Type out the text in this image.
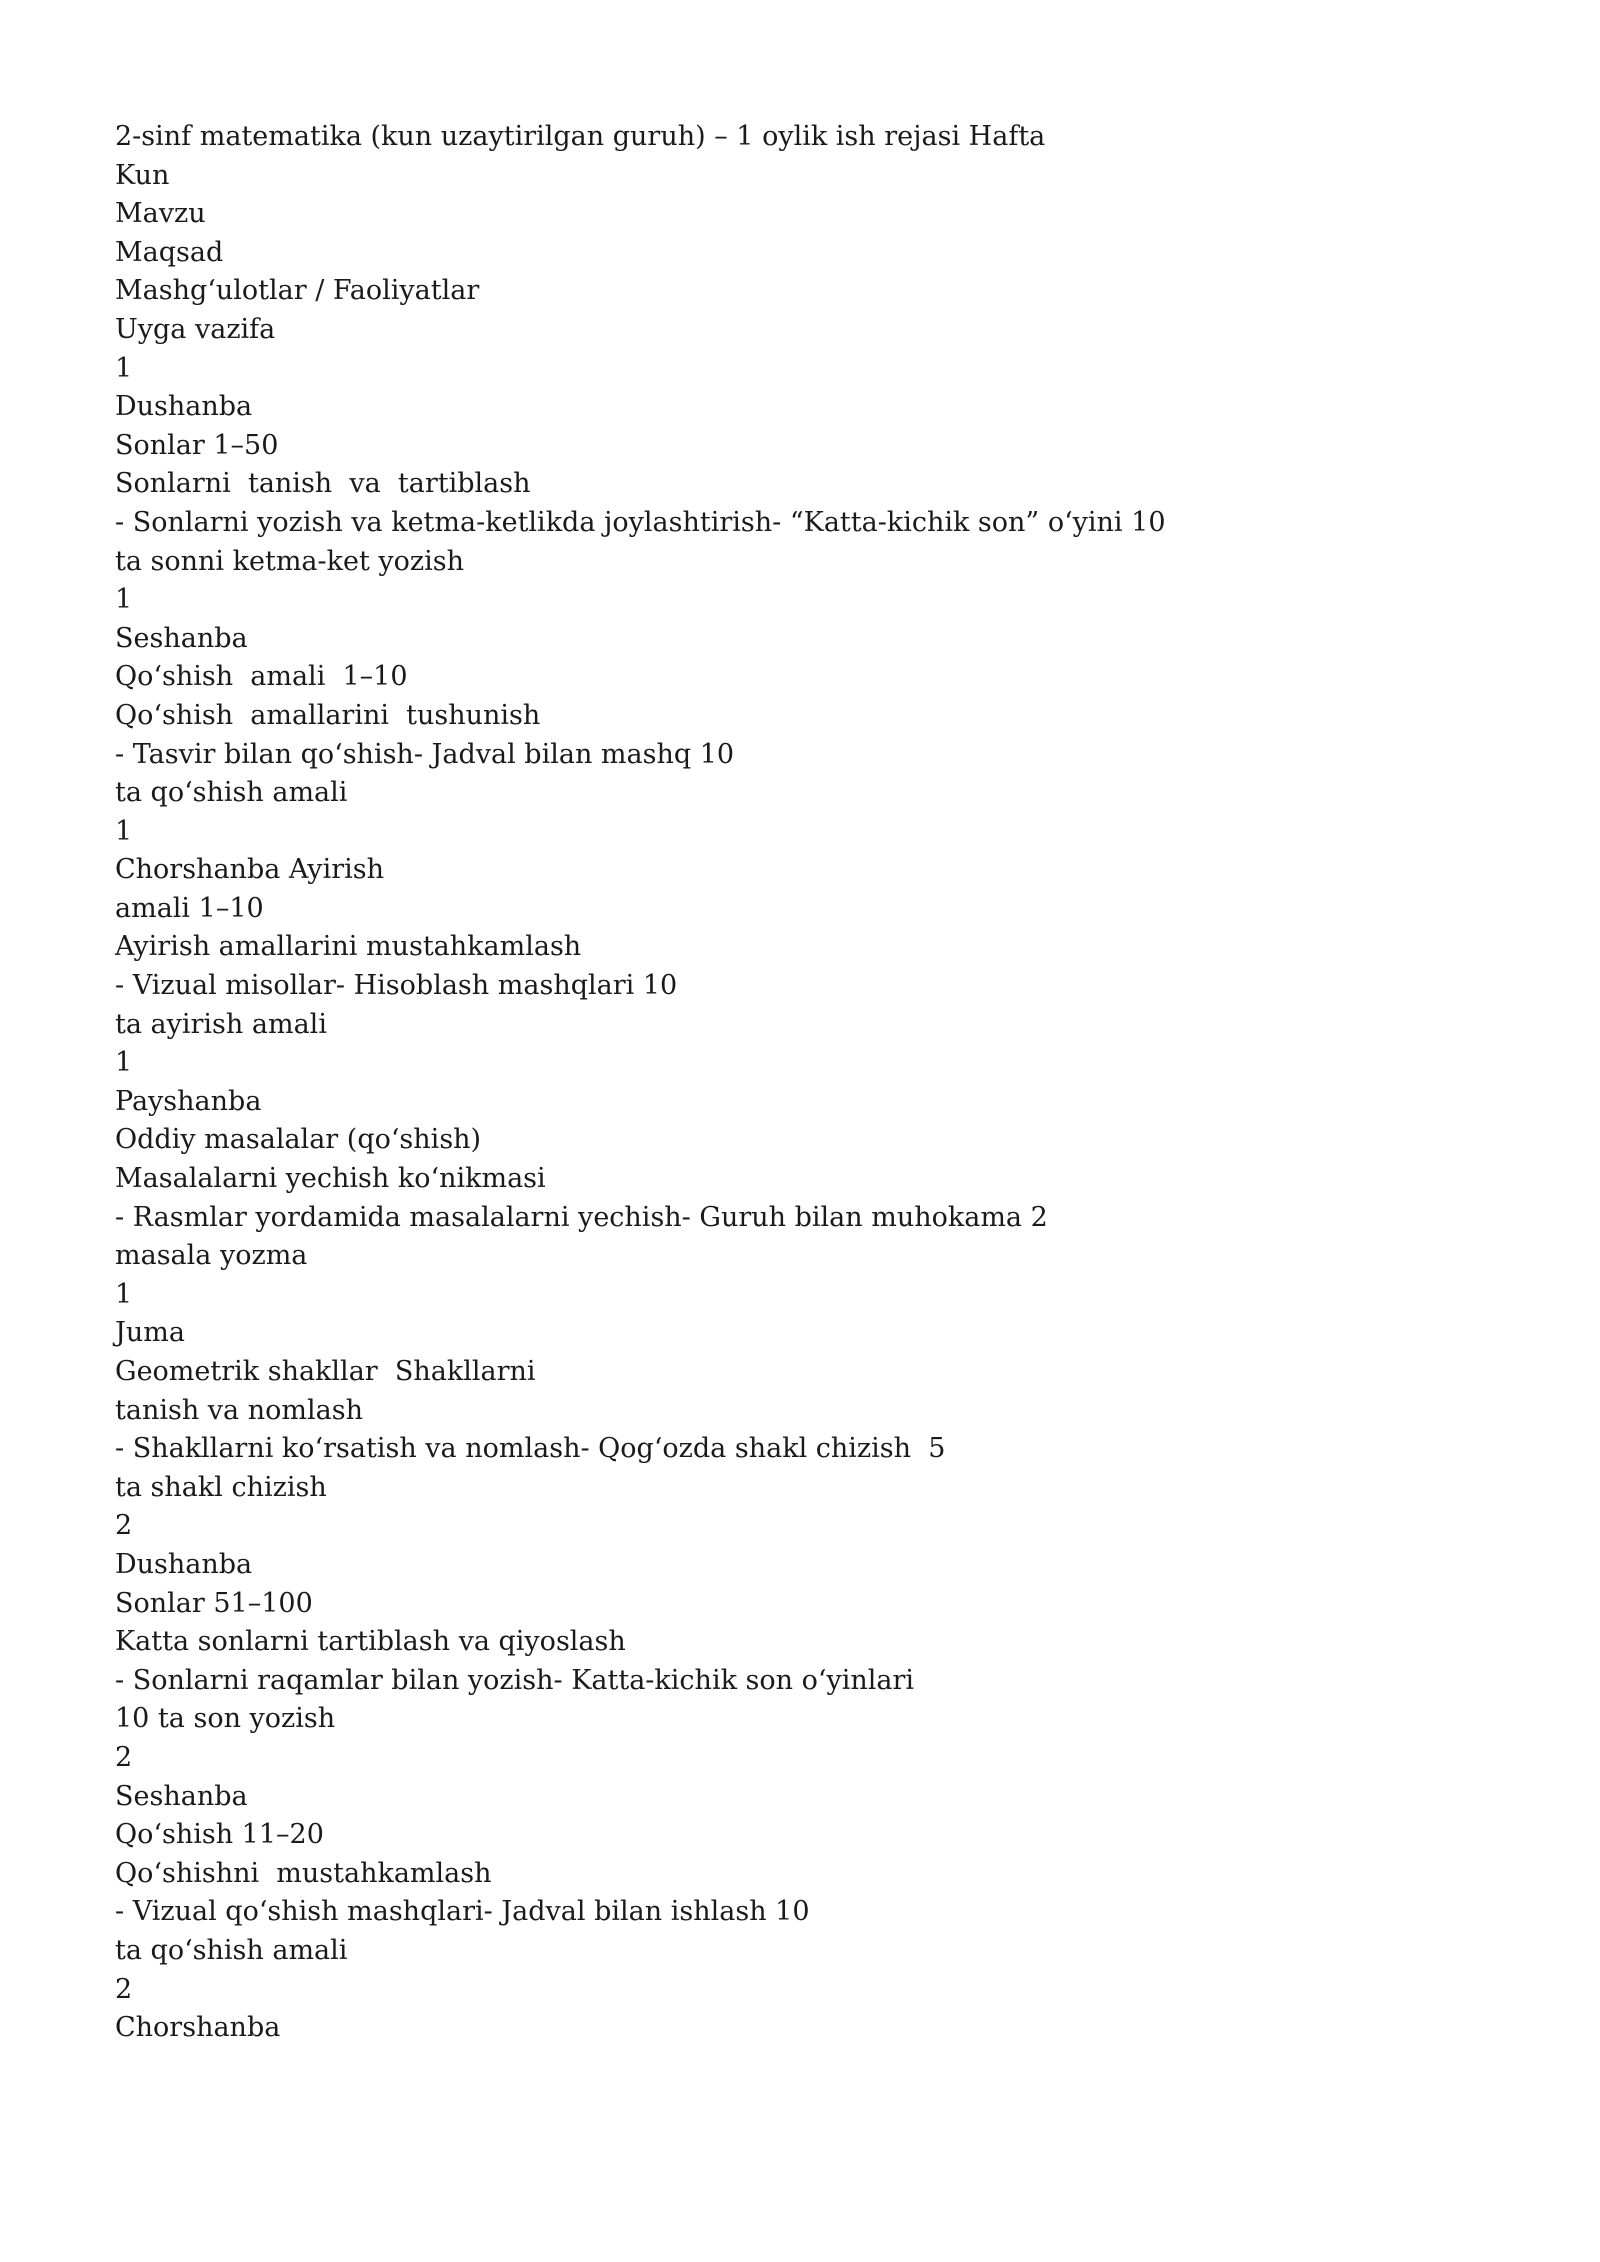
2-sinf matematika (kun uzaytirilgan guruh) – 1 oylik ish rejasi Hafta
Kun
Mavzu
Maqsad
Mashg‘ulotlar / Faoliyatlar
Uyga vazifa
1
Dushanba
Sonlar 1–50
Sonlarni  tanish  va  tartiblash
- Sonlarni yozish va ketma-ketlikda joylashtirish- “Katta-kichik son” o‘yini 10
ta sonni ketma-ket yozish
1
Seshanba
Qo‘shish  amali  1–10
Qo‘shish  amallarini  tushunish
- Tasvir bilan qo‘shish- Jadval bilan mashq 10
ta qo‘shish amali
1
Chorshanba Ayirish
amali 1–10
Ayirish amallarini mustahkamlash
- Vizual misollar- Hisoblash mashqlari 10
ta ayirish amali
1
Payshanba
Oddiy masalalar (qo‘shish)
Masalalarni yechish ko‘nikmasi
- Rasmlar yordamida masalalarni yechish- Guruh bilan muhokama 2
masala yozma
1
Juma
Geometrik shakllar  Shakllarni
tanish va nomlash
- Shakllarni ko‘rsatish va nomlash- Qog‘ozda shakl chizish  5
ta shakl chizish
2
Dushanba
Sonlar 51–100
Katta sonlarni tartiblash va qiyoslash
- Sonlarni raqamlar bilan yozish- Katta-kichik son o‘yinlari
10 ta son yozish
2
Seshanba
Qo‘shish 11–20
Qo‘shishni  mustahkamlash
- Vizual qo‘shish mashqlari- Jadval bilan ishlash 10
ta qo‘shish amali
2
Chorshanba
